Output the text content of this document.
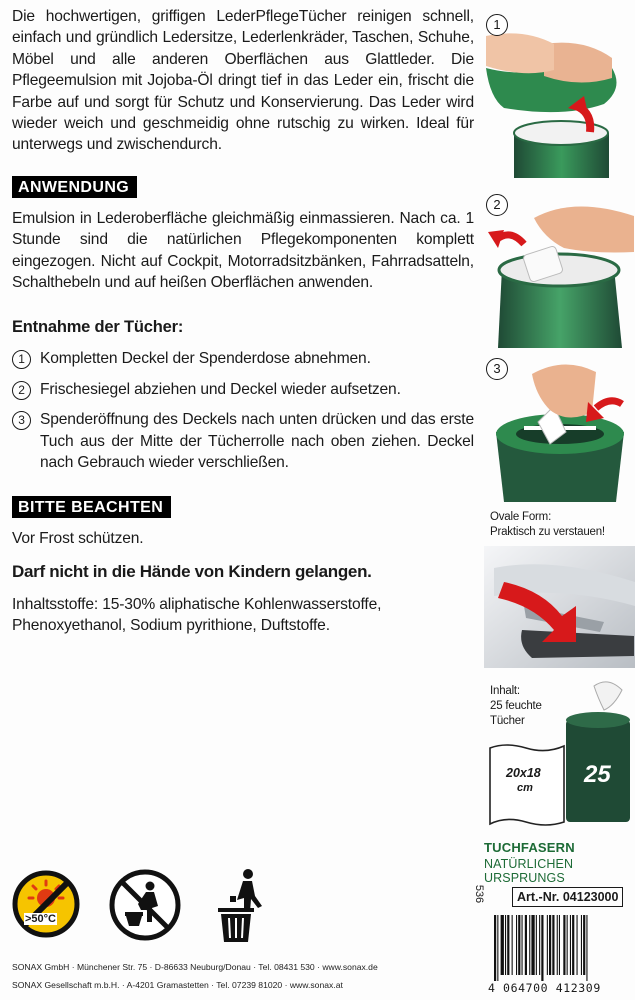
Die hochwertigen, griffigen LederPflegeTücher reinigen schnell, einfach und gründlich Ledersitze, Lederlenkräder, Taschen, Schuhe, Möbel und alle anderen Oberflächen aus Glattleder. Die Pflegeemulsion mit Jojoba-Öl dringt tief in das Leder ein, frischt die Farbe auf und sorgt für Schutz und Konservierung. Das Leder wird wieder weich und geschmeidig ohne rutschig zu wirken. Ideal für unterwegs und zwischendurch.
ANWENDUNG
Emulsion in Lederoberfläche gleichmäßig einmassieren. Nach ca. 1 Stunde sind die natürlichen Pflegekomponenten komplett eingezogen. Nicht auf Cockpit, Motorradsitzbänken, Fahrradsatteln, Schalthebeln und auf heißen Oberflächen anwenden.
Entnahme der Tücher:
1 Kompletten Deckel der Spenderdose abnehmen.
2 Frischesiegel abziehen und Deckel wieder aufsetzen.
3 Spenderöffnung des Deckels nach unten drücken und das erste Tuch aus der Mitte der Tücherrolle nach oben ziehen. Deckel nach Gebrauch wieder verschließen.
BITTE BEACHTEN
Vor Frost schützen.
Darf nicht in die Hände von Kindern gelangen.
Inhaltsstoffe: 15-30% aliphatische Kohlenwasserstoffe, Phenoxyethanol, Sodium pyrithione, Duftstoffe.
>50°C
SONAX GmbH · Münchener Str. 75 · D-86633 Neuburg/Donau · Tel. 08431 530 · www.sonax.de
SONAX Gesellschaft m.b.H. · A-4201 Gramastetten · Tel. 07239 81020 · www.sonax.at
1
2
3
Ovale Form:
Praktisch zu verstauen!
Inhalt:
25 feuchte
Tücher
20x18
cm 25
TUCHFASERN
NATÜRLICHEN URSPRUNGS
536	Art.-Nr. 04123000
4 064700 412309
